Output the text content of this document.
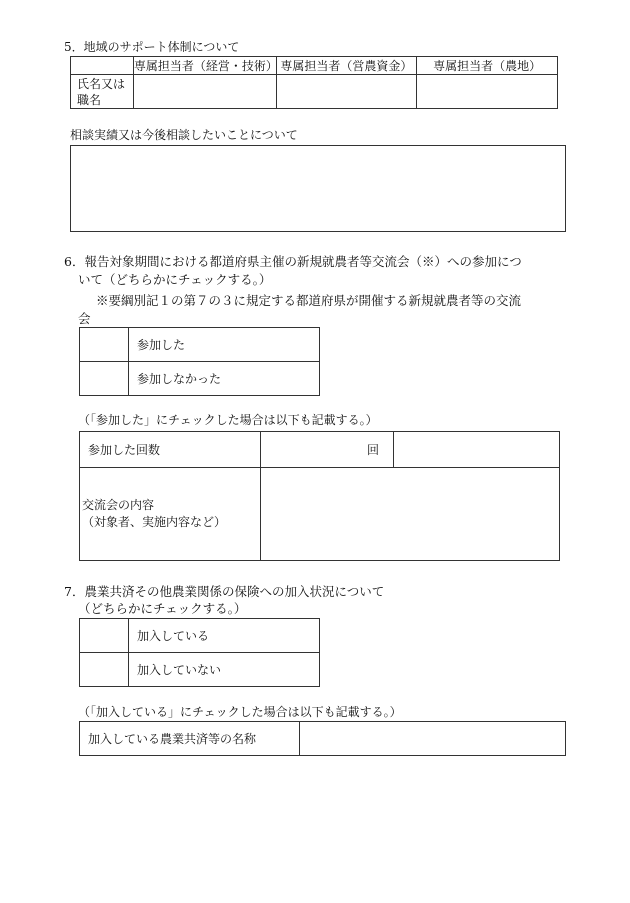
5．地域のサポート体制について
	専属担当者（経営・技術）	専属担当者（営農資金）	専属担当者（農地）

氏名又は
職名			

相談実績又は今後相談したいことについて
6．報告対象期間における都道府県主催の新規就農者等交流会（※）への参加につ
いて（どちらかにチェックする。）
※要綱別記１の第７の３に規定する都道府県が開催する新規就農者等の交流
会
	参加した
	参加しなかった
（「参加した」にチェックした場合は以下も記載する。）
参加した回数	回	

交流会の内容
（対象者、実施内容など）		

7．農業共済その他農業関係の保険への加入状況について
（どちらかにチェックする。）
	加入している
	加入していない
（「加入している」にチェックした場合は以下も記載する。）
加入している農業共済等の名称	
